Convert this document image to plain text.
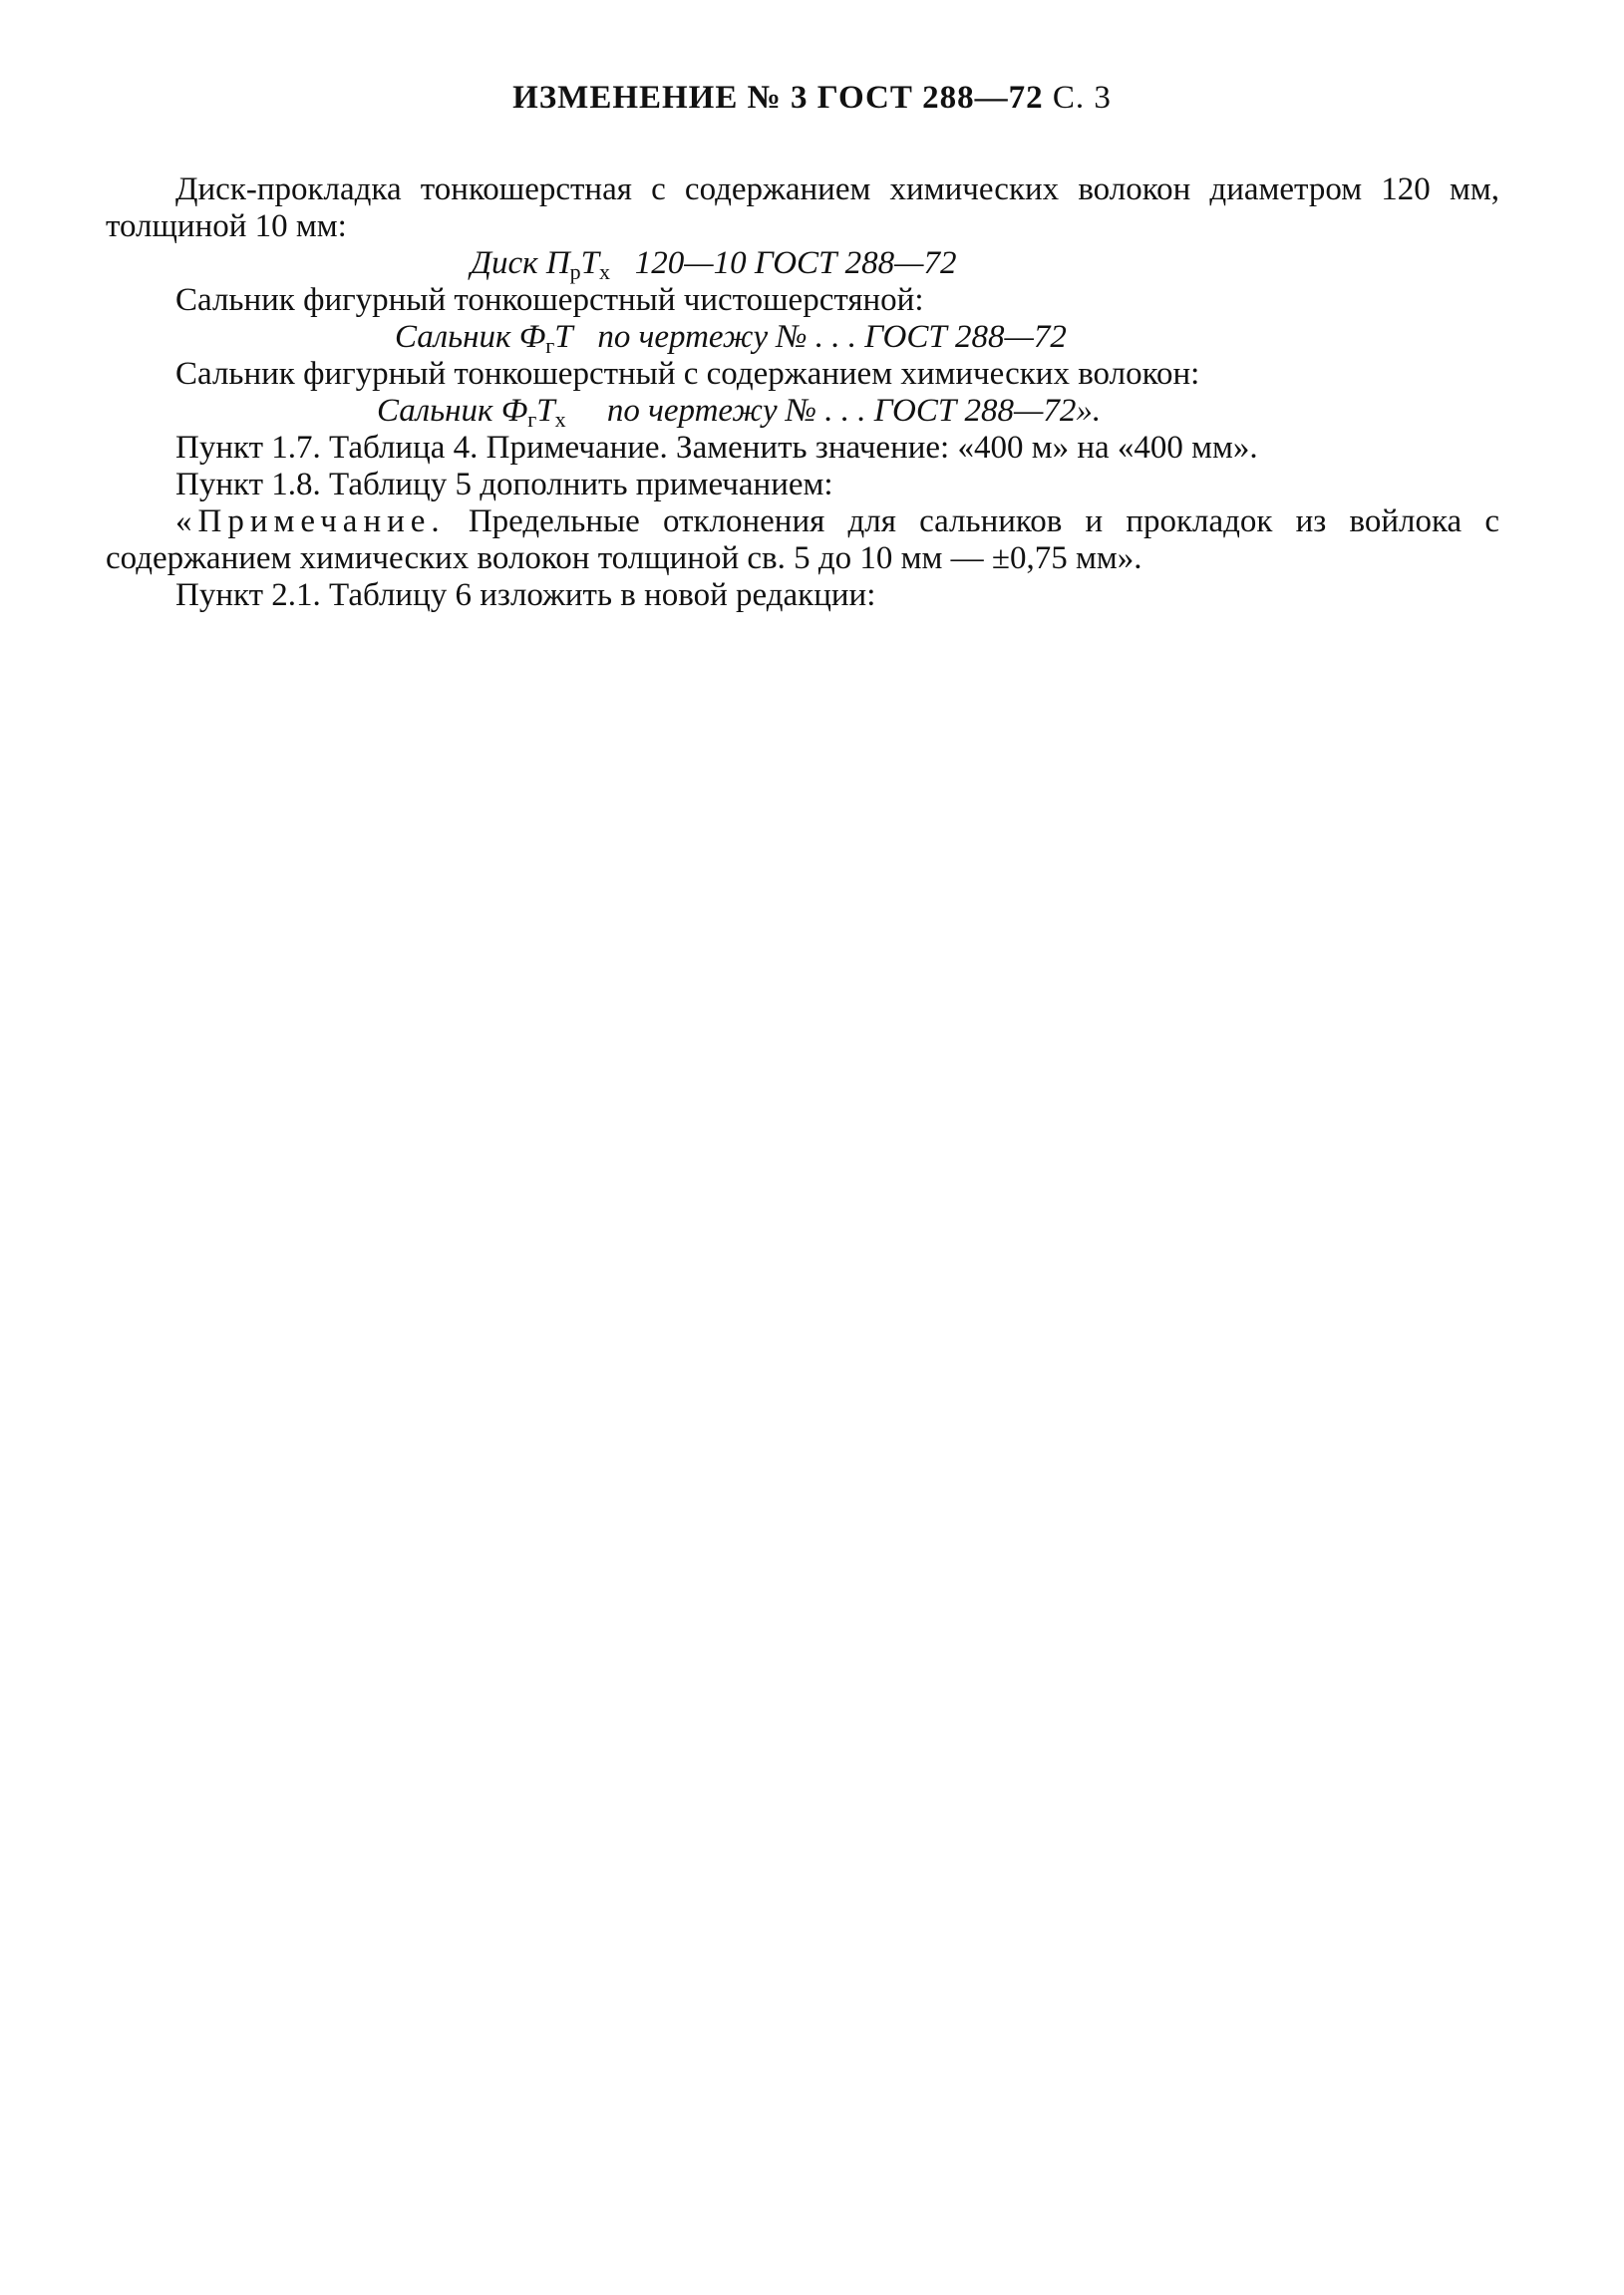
ИЗМЕНЕНИЕ № 3 ГОСТ 288—72 С. 3

Диск-прокладка тонкошерстная с содержанием химических волокон диаметром 120 мм, толщиной 10 мм:

Диск $П_рТ_х$ 120—10 ГОСТ 288—72

Сальник фигурный тонкошерстный чистошерстяной:

Сальник $Ф_гТ$ по чертежу № . . . ГОСТ 288—72

Сальник фигурный тонкошерстный с содержанием химических волокон:

Сальник $Ф_гТ_х$ по чертежу № . . . ГОСТ 288—72».

Пункт 1.7. Таблица 4. Примечание. Заменить значение: «400 м» на «400 мм».

Пункт 1.8. Таблицу 5 дополнить примечанием:

«Примечание. Предельные отклонения для сальников и прокладок из войлока с содержанием химических волокон толщиной св. 5 до 10 мм — ±0,75 мм».

Пункт 2.1. Таблицу 6 изложить в новой редакции:
